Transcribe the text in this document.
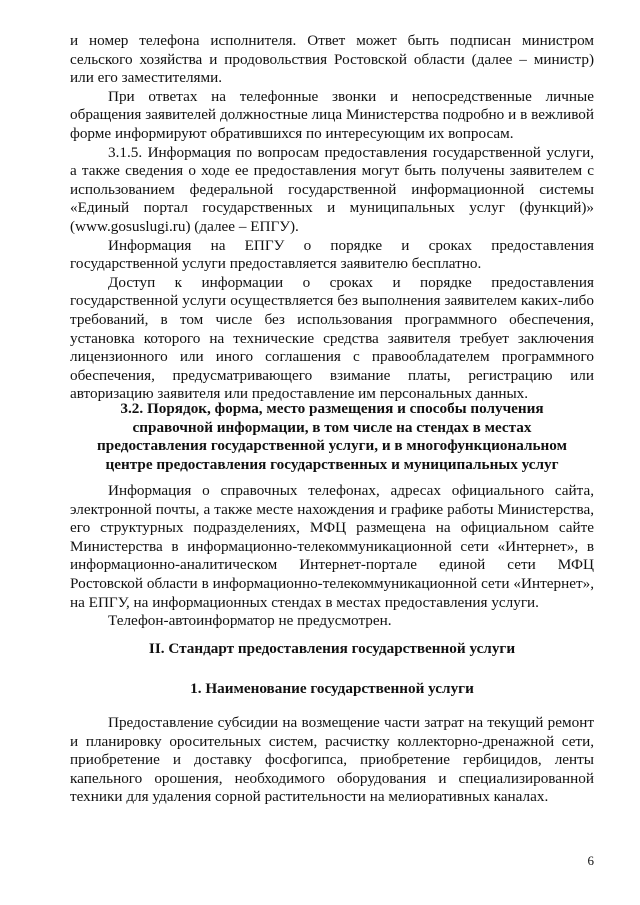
и номер телефона исполнителя. Ответ может быть подписан министром сельского хозяйства и продовольствия Ростовской области (далее – министр) или его заместителями.

При ответах на телефонные звонки и непосредственные личные обращения заявителей должностные лица Министерства подробно и в вежливой форме информируют обратившихся по интересующим их вопросам.

3.1.5. Информация по вопросам предоставления государственной услуги, а также сведения о ходе ее предоставления могут быть получены заявителем с использованием федеральной государственной информационной системы «Единый портал государственных и муниципальных услуг (функций)» (www.gosuslugi.ru) (далее – ЕПГУ).

Информация на ЕПГУ о порядке и сроках предоставления государственной услуги предоставляется заявителю бесплатно.

Доступ к информации о сроках и порядке предоставления государственной услуги осуществляется без выполнения заявителем каких-либо требований, в том числе без использования программного обеспечения, установка которого на технические средства заявителя требует заключения лицензионного или иного соглашения с правообладателем программного обеспечения, предусматривающего взимание платы, регистрацию или авторизацию заявителя или предоставление им персональных данных.

3.2. Порядок, форма, место размещения и способы получения справочной информации, в том числе на стендах в местах предоставления государственной услуги, и в многофункциональном центре предоставления государственных и муниципальных услуг

Информация о справочных телефонах, адресах официального сайта, электронной почты, а также месте нахождения и графике работы Министерства, его структурных подразделениях, МФЦ размещена на официальном сайте Министерства в информационно-телекоммуникационной сети «Интернет», в информационно-аналитическом Интернет-портале единой сети МФЦ Ростовской области в информационно-телекоммуникационной сети «Интернет», на ЕПГУ, на информационных стендах в местах предоставления услуги.

Телефон-автоинформатор не предусмотрен.

II. Стандарт предоставления государственной услуги
1. Наименование государственной услуги

Предоставление субсидии на возмещение части затрат на текущий ремонт и планировку оросительных систем, расчистку коллекторно-дренажной сети, приобретение и доставку фосфогипса, приобретение гербицидов, ленты капельного орошения, необходимого оборудования и специализированной техники для удаления сорной растительности на мелиоративных каналах.

6
